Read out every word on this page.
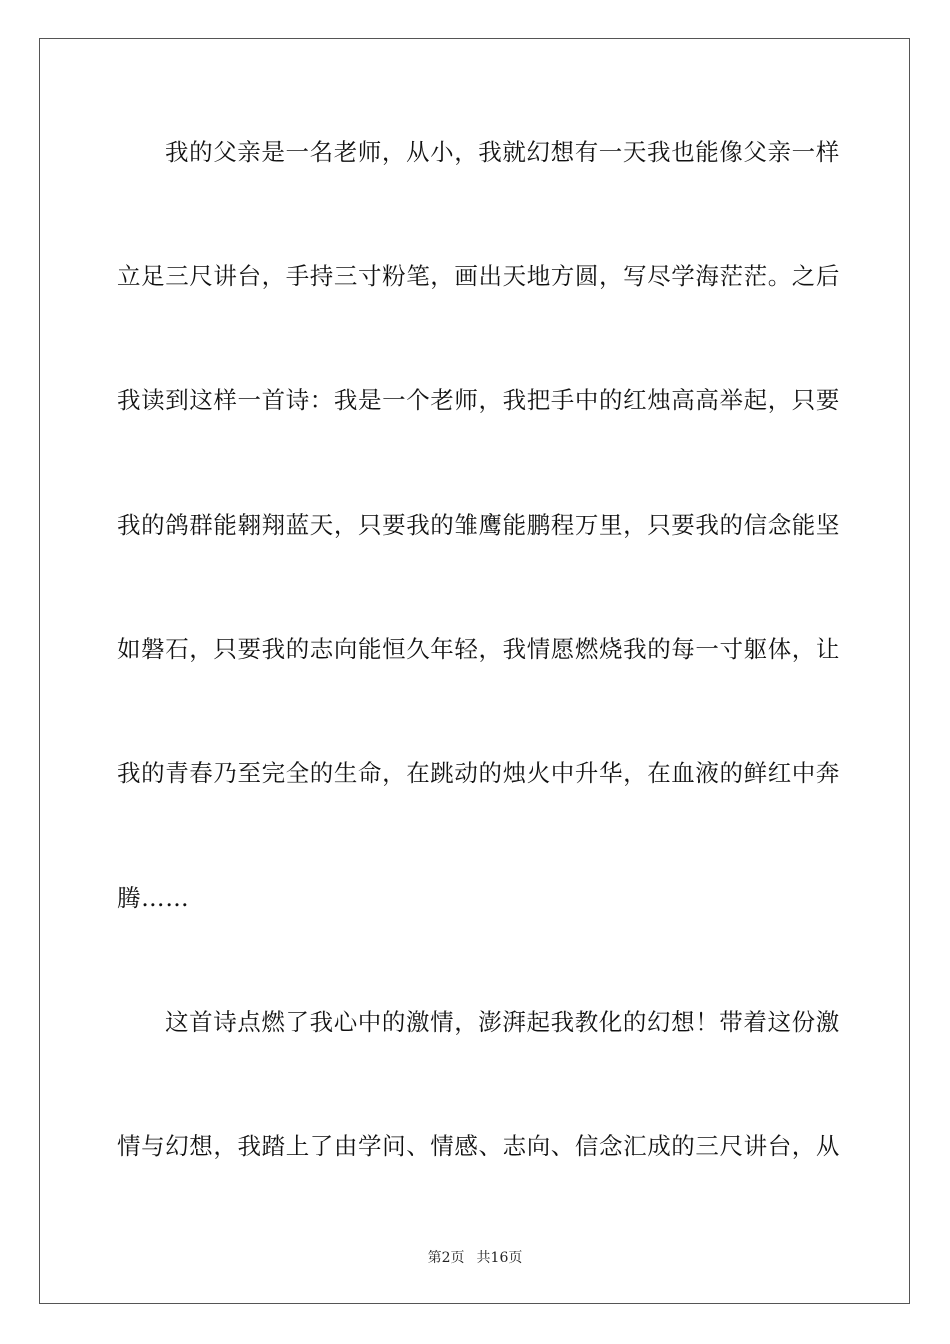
我的父亲是一名老师，从小，我就幻想有一天我也能像父亲一样
立足三尺讲台，手持三寸粉笔，画出天地方圆，写尽学海茫茫。之后
我读到这样一首诗：我是一个老师，我把手中的红烛高高举起，只要
我的鸽群能翱翔蓝天，只要我的雏鹰能鹏程万里，只要我的信念能坚
如磐石，只要我的志向能恒久年轻，我情愿燃烧我的每一寸躯体，让
我的青春乃至完全的生命，在跳动的烛火中升华，在血液的鲜红中奔
腾……
这首诗点燃了我心中的激情，澎湃起我教化的幻想！带着这份激
情与幻想，我踏上了由学问、情感、志向、信念汇成的三尺讲台，从
第2页 共16页
